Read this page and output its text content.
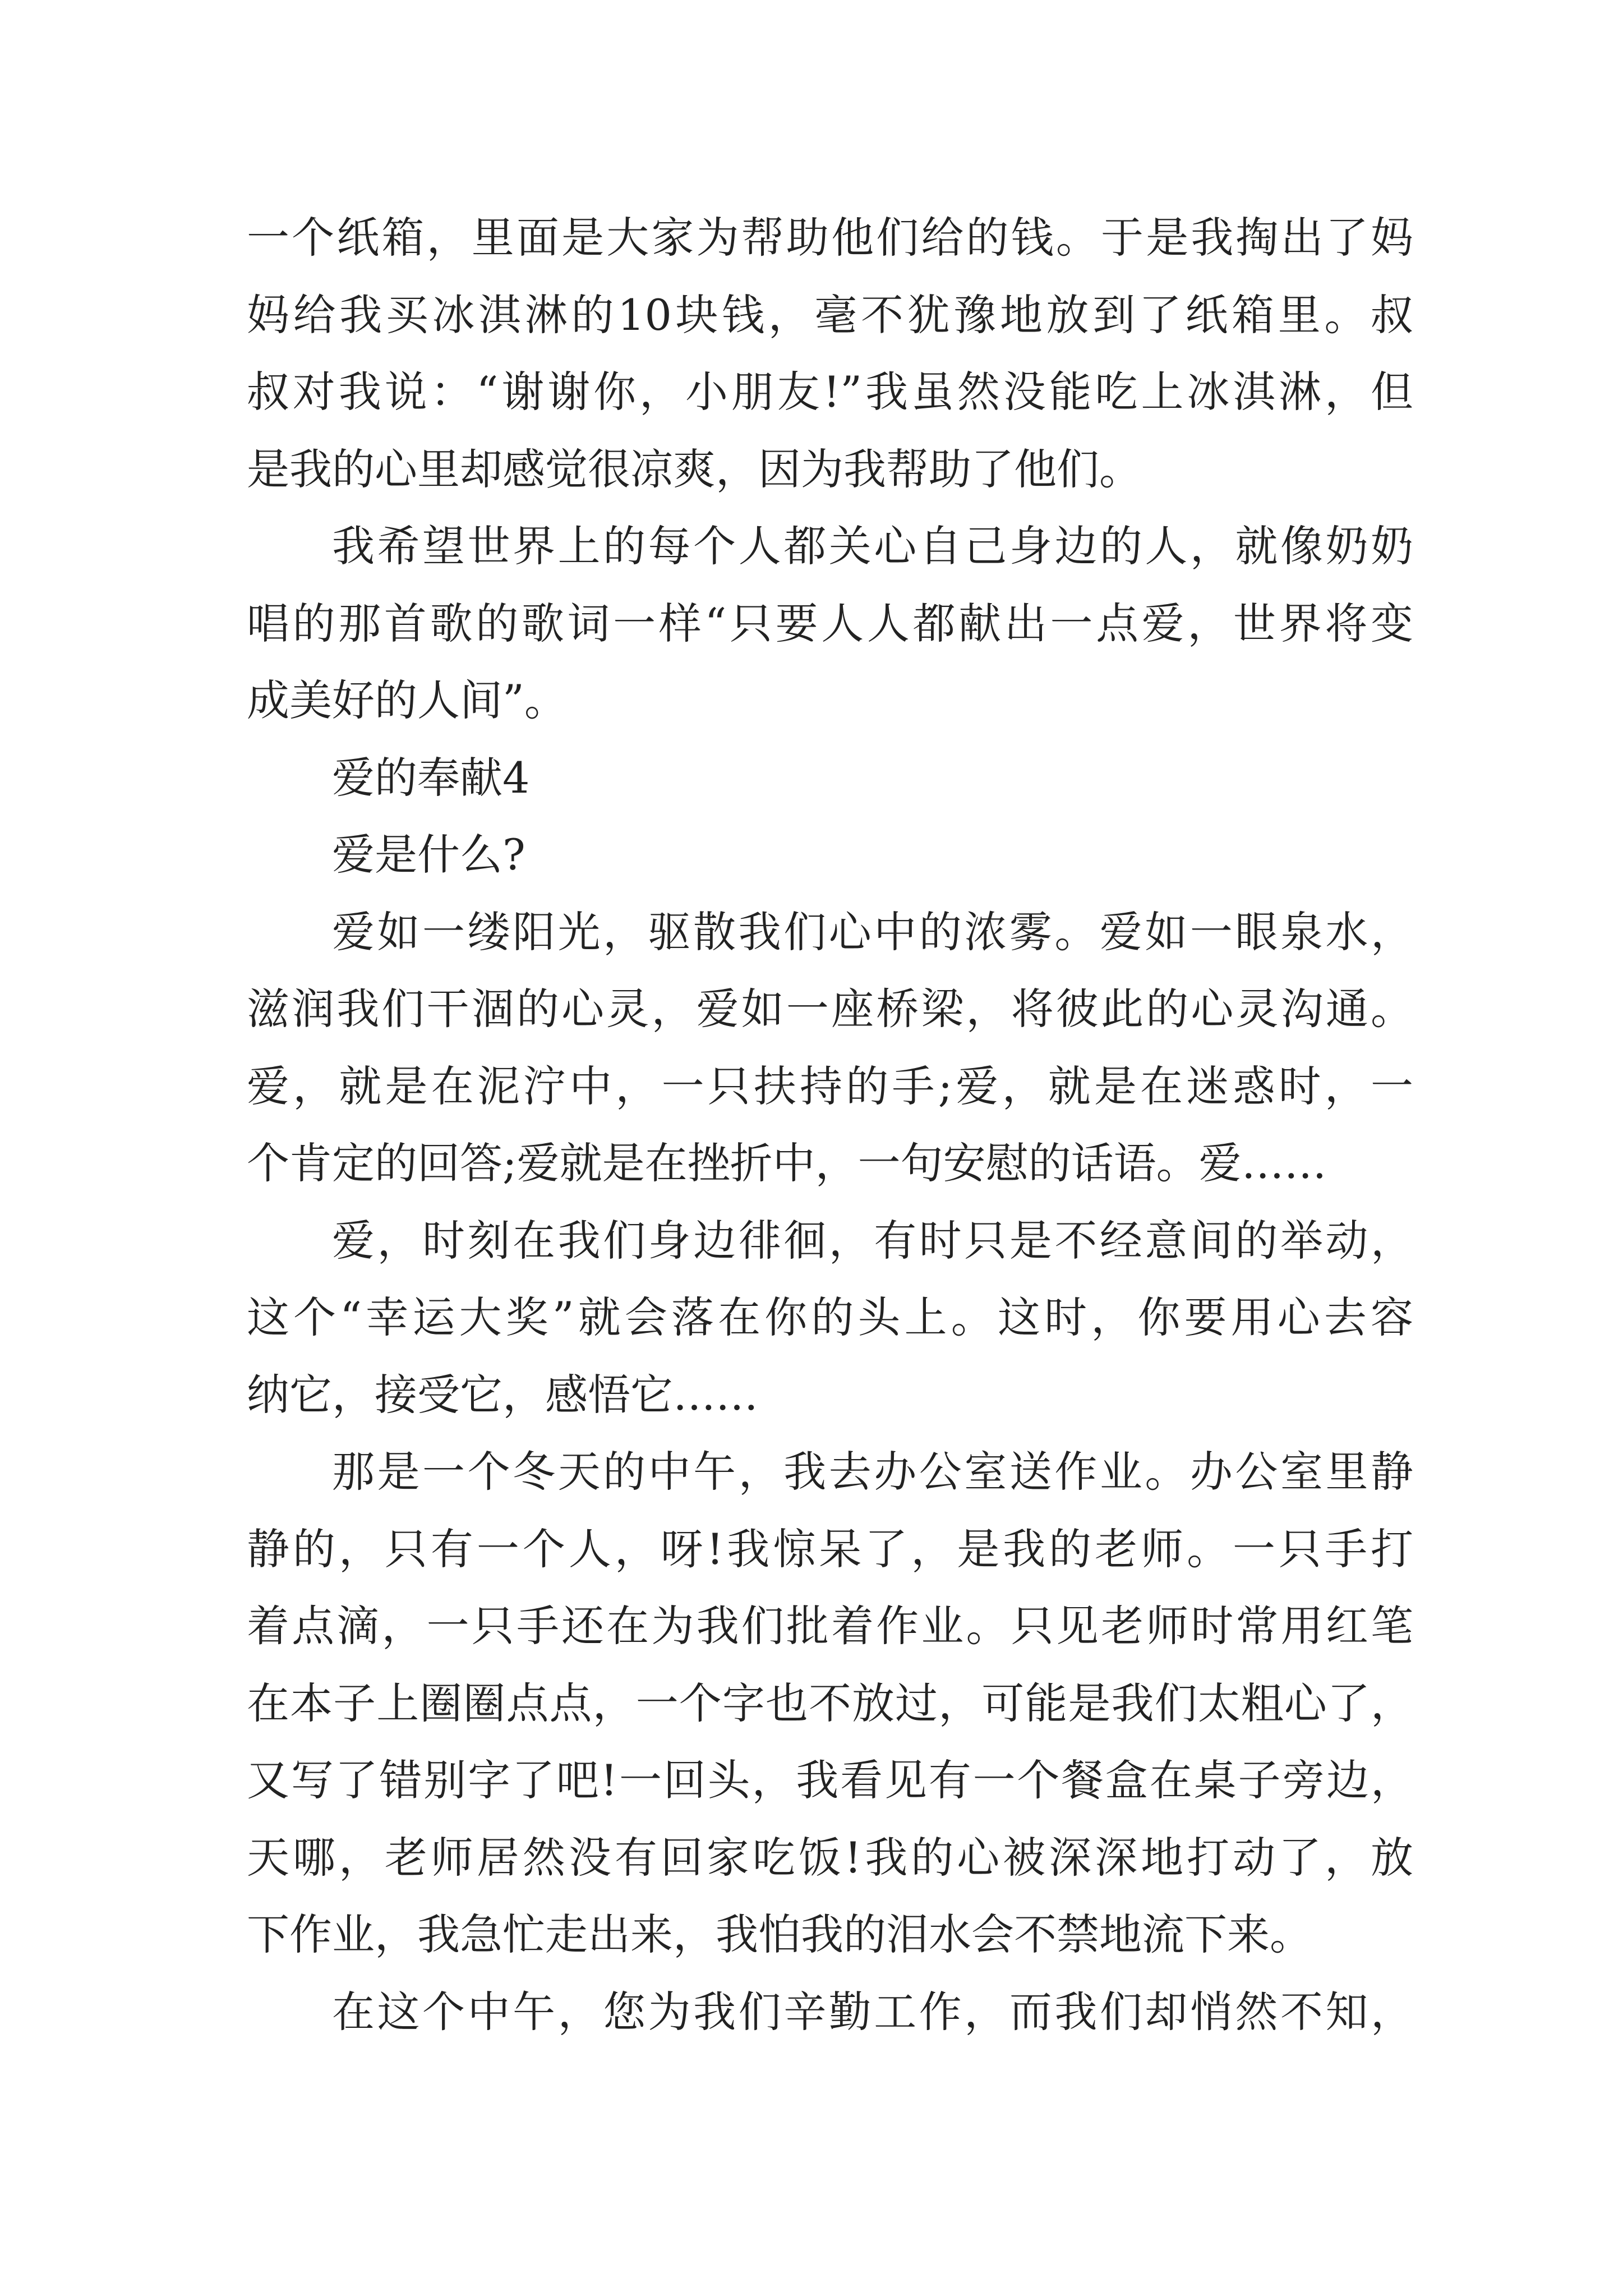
一个纸箱，里面是大家为帮助他们给的钱。于是我掏出了妈
妈给我买冰淇淋的10块钱，毫不犹豫地放到了纸箱里。叔
叔对我说：“谢谢你，小朋友!”我虽然没能吃上冰淇淋，但
是我的心里却感觉很凉爽，因为我帮助了他们。
我希望世界上的每个人都关心自己身边的人，就像奶奶
唱的那首歌的歌词一样“只要人人都献出一点爱，世界将变
成美好的人间”。
爱的奉献4
爱是什么?
爱如一缕阳光，驱散我们心中的浓雾。爱如一眼泉水，
滋润我们干涸的心灵，爱如一座桥梁，将彼此的心灵沟通。
爱，就是在泥泞中，一只扶持的手;爱，就是在迷惑时，一
个肯定的回答;爱就是在挫折中，一句安慰的话语。爱……
爱，时刻在我们身边徘徊，有时只是不经意间的举动，
这个“幸运大奖”就会落在你的头上。这时，你要用心去容
纳它，接受它，感悟它……
那是一个冬天的中午，我去办公室送作业。办公室里静
静的，只有一个人，呀!我惊呆了，是我的老师。一只手打
着点滴，一只手还在为我们批着作业。只见老师时常用红笔
在本子上圈圈点点，一个字也不放过，可能是我们太粗心了，
又写了错别字了吧!一回头，我看见有一个餐盒在桌子旁边，
天哪，老师居然没有回家吃饭!我的心被深深地打动了，放
下作业，我急忙走出来，我怕我的泪水会不禁地流下来。
在这个中午，您为我们辛勤工作，而我们却悄然不知，
